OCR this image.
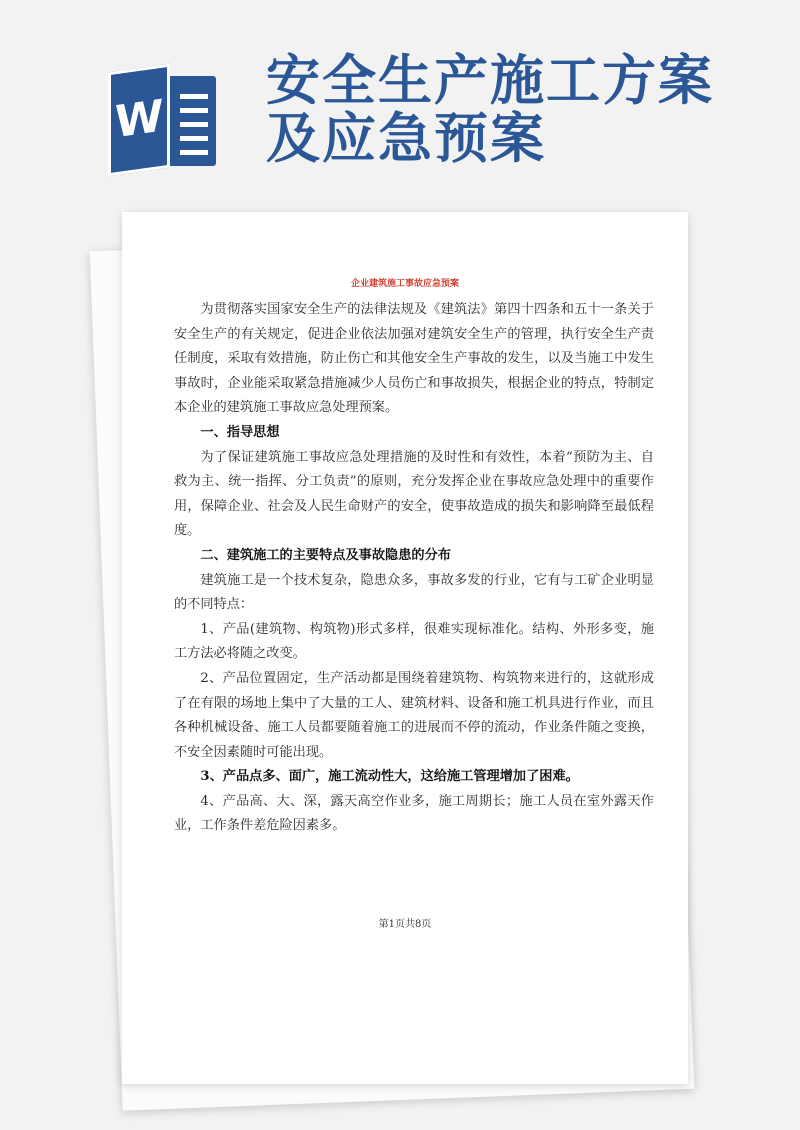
W
安全生产施工方案
及应急预案

企业建筑施工事故应急预案

为贯彻落实国家安全生产的法律法规及《建筑法》第四十四条和五十一条关于安全生产的有关规定，促进企业依法加强对建筑安全生产的管理，执行安全生产责任制度，采取有效措施，防止伤亡和其他安全生产事故的发生，以及当施工中发生事故时，企业能采取紧急措施减少人员伤亡和事故损失，根据企业的特点，特制定本企业的建筑施工事故应急处理预案。

一、指导思想

为了保证建筑施工事故应急处理措施的及时性和有效性，本着“预防为主、自救为主、统一指挥、分工负责”的原则，充分发挥企业在事故应急处理中的重要作用，保障企业、社会及人民生命财产的安全，使事故造成的损失和影响降至最低程度。

二、建筑施工的主要特点及事故隐患的分布

建筑施工是一个技术复杂，隐患众多，事故多发的行业，它有与工矿企业明显的不同特点：

1、产品(建筑物、构筑物)形式多样，很难实现标准化。结构、外形多变，施工方法必将随之改变。

2、产品位置固定，生产活动都是围绕着建筑物、构筑物来进行的，这就形成了在有限的场地上集中了大量的工人、建筑材料、设备和施工机具进行作业，而且各种机械设备、施工人员都要随着施工的进展而不停的流动，作业条件随之变换，不安全因素随时可能出现。

3、产品点多、面广，施工流动性大，这给施工管理增加了困难。

4、产品高、大、深，露天高空作业多，施工周期长；施工人员在室外露天作业，工作条件差危险因素多。

第1页共8页
